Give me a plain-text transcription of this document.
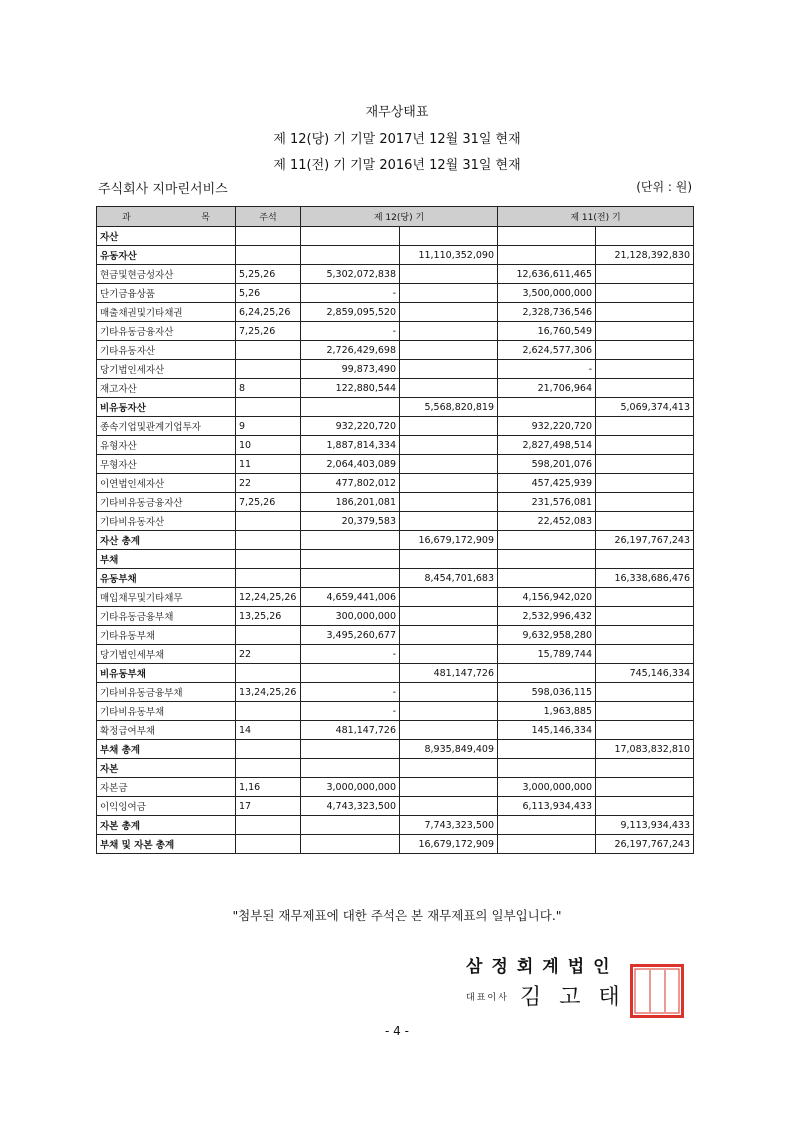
재무상태표
제 12(당) 기 기말 2017년 12월 31일 현재
제 11(전) 기 기말 2016년 12월 31일 현재
주식회사 지마린서비스	(단위 : 원)
과 목	주석	제 12(당) 기		제 11(전) 기	
자산					
유동자산			11,110,352,090		21,128,392,830
현금및현금성자산	5,25,26	5,302,072,838		12,636,611,465	
단기금융상품	5,26	-		3,500,000,000	
매출채권및기타채권	6,24,25,26	2,859,095,520		2,328,736,546	
기타유동금융자산	7,25,26	-		16,760,549	
기타유동자산		2,726,429,698		2,624,577,306	
당기법인세자산		99,873,490		-	
재고자산	8	122,880,544		21,706,964	
비유동자산			5,568,820,819		5,069,374,413
종속기업및관계기업투자	9	932,220,720		932,220,720	
유형자산	10	1,887,814,334		2,827,498,514	
무형자산	11	2,064,403,089		598,201,076	
이연법인세자산	22	477,802,012		457,425,939	
기타비유동금융자산	7,25,26	186,201,081		231,576,081	
기타비유동자산		20,379,583		22,452,083	
자산 총계			16,679,172,909		26,197,767,243
부채					
유동부채			8,454,701,683		16,338,686,476
매입채무및기타채무	12,24,25,26	4,659,441,006		4,156,942,020	
기타유동금융부채	13,25,26	300,000,000		2,532,996,432	
기타유동부채		3,495,260,677		9,632,958,280	
당기법인세부채	22	-		15,789,744	
비유동부채			481,147,726		745,146,334
기타비유동금융부채	13,24,25,26	-		598,036,115	
기타비유동부채		-		1,963,885	
확정급여부채	14	481,147,726		145,146,334	
부채 총계			8,935,849,409		17,083,832,810
자본					
자본금	1,16	3,000,000,000		3,000,000,000	
이익잉여금	17	4,743,323,500		6,113,934,433	
자본 총계			7,743,323,500		9,113,934,433
부채 및 자본 총계			16,679,172,909		26,197,767,243
"첨부된 재무제표에 대한 주석은 본 재무제표의 일부입니다."
삼정회계법인
대표이사 김고태
- 4 -
